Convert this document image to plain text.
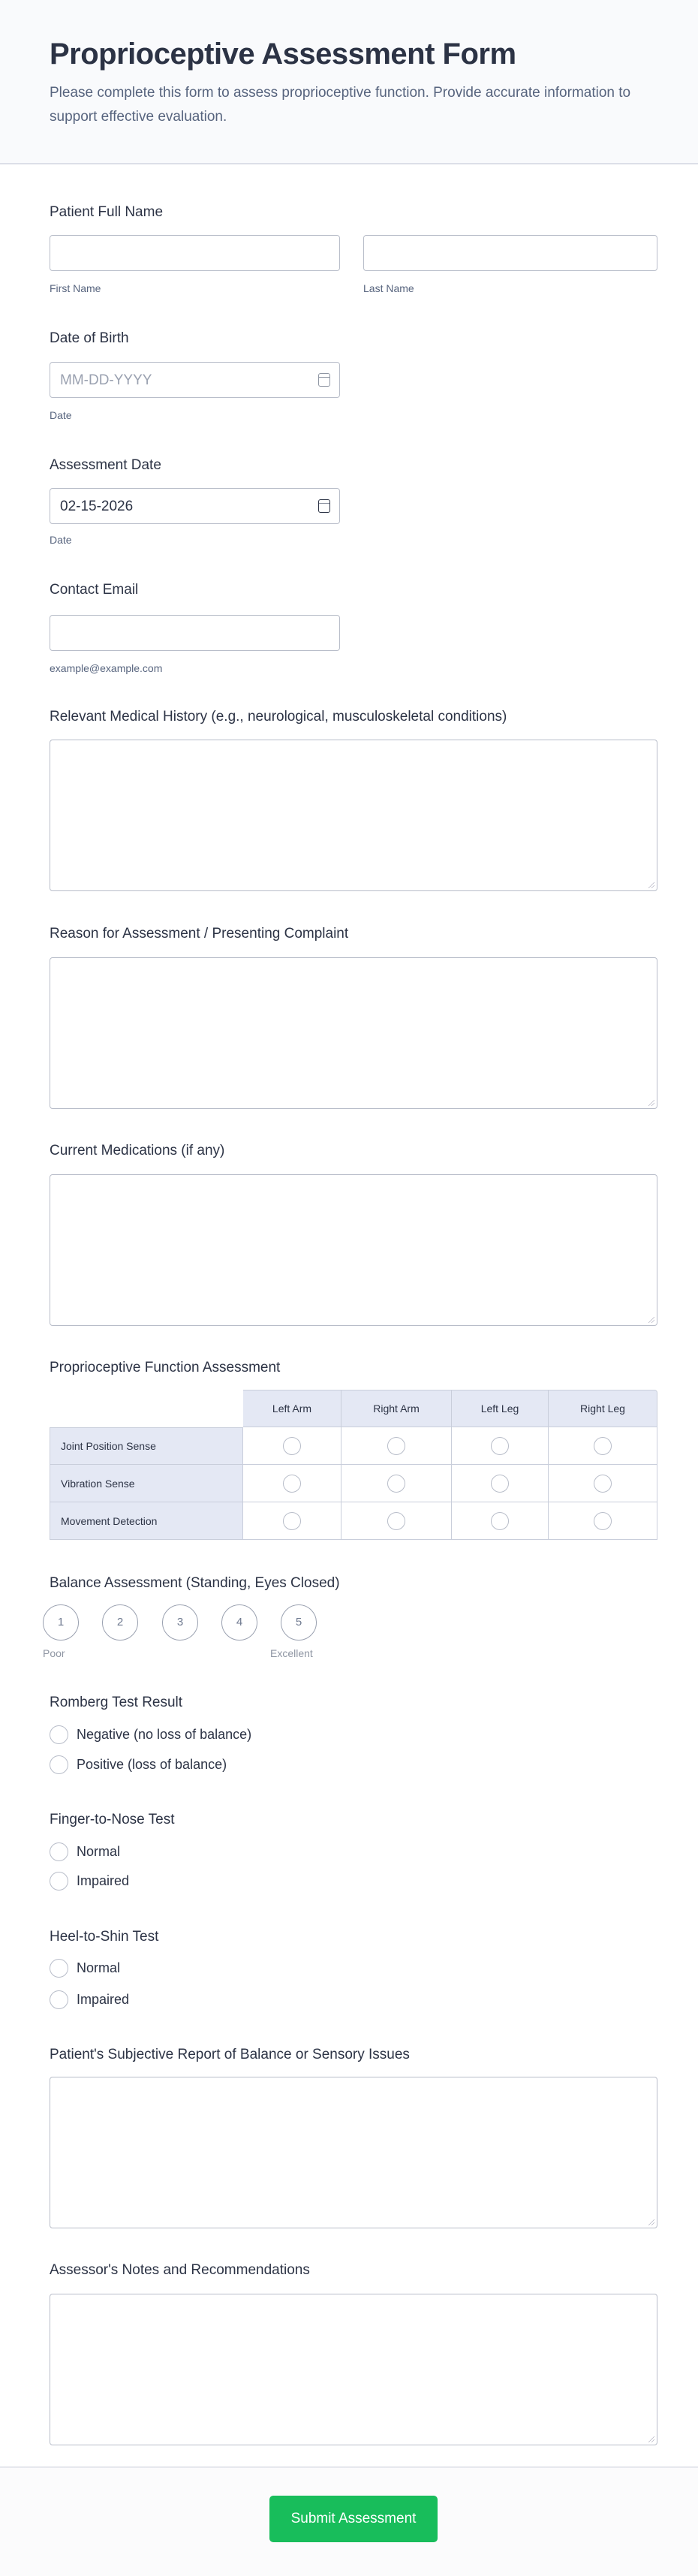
Proprioceptive Assessment Form

Please complete this form to assess proprioceptive function. Provide accurate information to support effective evaluation.

Patient Full Name
First Name	Last Name
Date of Birth
MM-DD-YYYY
Date
Assessment Date
02-15-2026
Date
Contact Email
example@example.com
Relevant Medical History (e.g., neurological, musculoskeletal conditions)
Reason for Assessment / Presenting Complaint
Current Medications (if any)
Proprioceptive Function Assessment
	Left Arm	Right Arm	Left Leg	Right Leg
Joint Position Sense				
Vibration Sense				
Movement Detection				
Balance Assessment (Standing, Eyes Closed)
1	2	3	4	5
Poor	Excellent
Romberg Test Result
Negative (no loss of balance)
Positive (loss of balance)
Finger-to-Nose Test
Normal
Impaired
Heel-to-Shin Test
Normal
Impaired
Patient's Subjective Report of Balance or Sensory Issues
Assessor's Notes and Recommendations
Submit Assessment
